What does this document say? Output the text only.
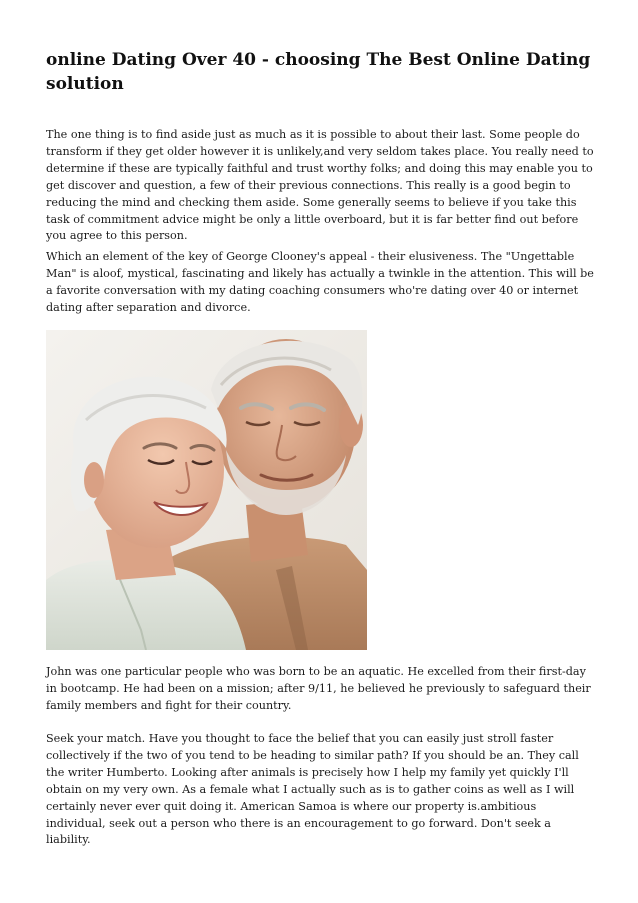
online Dating Over 40 - choosing The Best Online Dating solution

The one thing is to find aside just as much as it is possible to about their last. Some people do transform if they get older however it is unlikely,and very seldom takes place. You really need to determine if these are typically faithful and trust worthy folks; and doing this may enable you to get discover and question, a few of their previous connections. This really is a good begin to reducing the mind and checking them aside. Some generally seems to believe if you take this task of commitment advice might be only a little overboard, but it is far better find out before you agree to this person.

Which an element of the key of George Clooney's appeal - their elusiveness. The "Ungettable Man" is aloof, mystical, fascinating and likely has actually a twinkle in the attention. This will be a favorite conversation with my dating coaching consumers who're dating over 40 or internet dating after separation and divorce.

John was one particular people who was born to be an aquatic. He excelled from their first-day in bootcamp. He had been on a mission; after 9/11, he believed he previously to safeguard their family members and fight for their country.

Seek your match. Have you thought to face the belief that you can easily just stroll faster collectively if the two of you tend to be heading to similar path? If you should be an. They call the writer Humberto. Looking after animals is precisely how I help my family yet quickly I'll obtain on my very own. As a female what I actually such as is to gather coins as well as I will certainly never ever quit doing it. American Samoa is where our property is.ambitious individual, seek out a person who there is an encouragement to go forward. Don't seek a liability.
